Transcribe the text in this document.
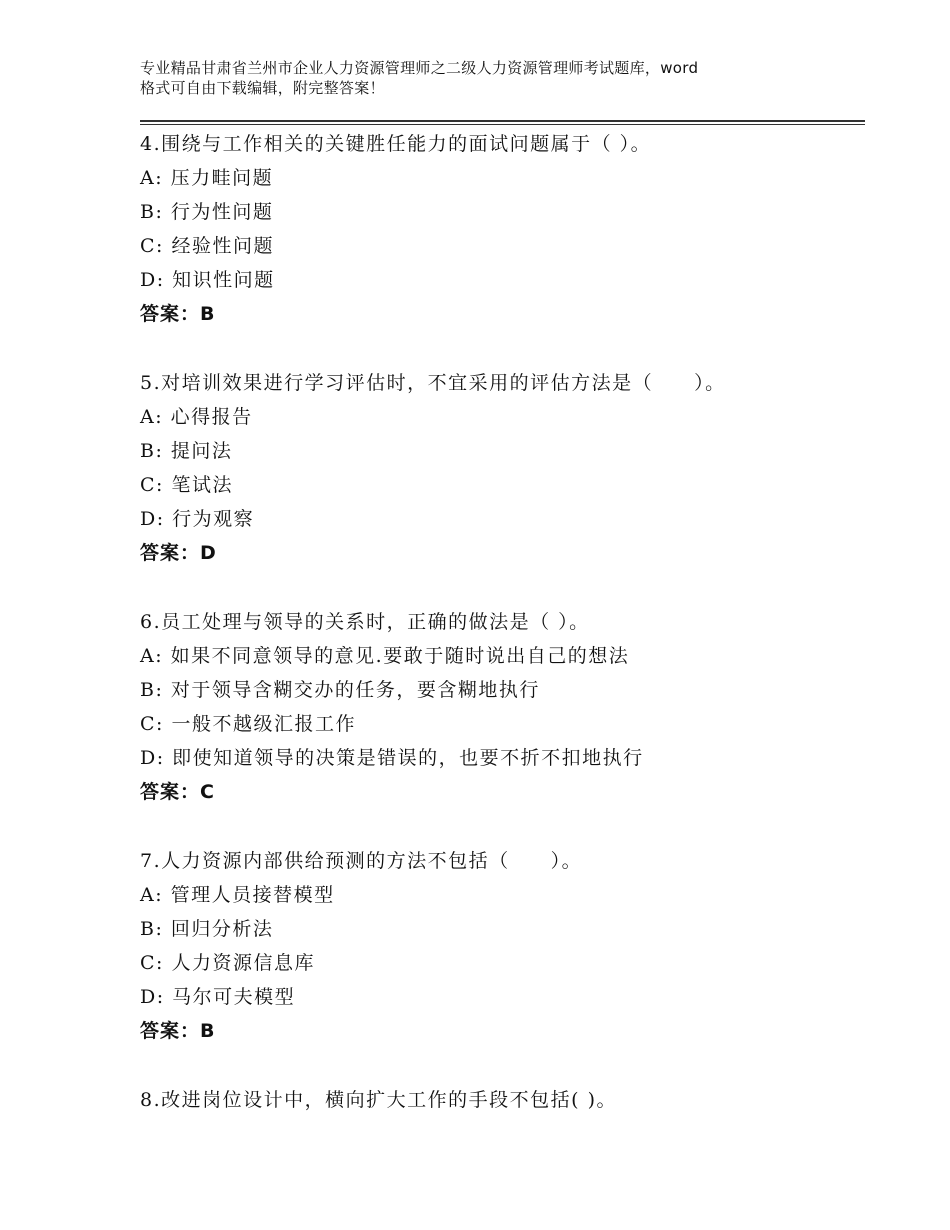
专业精品甘肃省兰州市企业人力资源管理师之二级人力资源管理师考试题库，word
格式可自由下载编辑，附完整答案！
4.围绕与工作相关的关键胜任能力的面试问题属于（ ）。
A: 压力畦问题
B: 行为性问题
C: 经验性问题
D: 知识性问题
答案：B
5.对培训效果进行学习评估时，不宜采用的评估方法是（　　）。
A: 心得报告
B: 提问法
C: 笔试法
D: 行为观察
答案：D
6.员工处理与领导的关系时，正确的做法是（ ）。
A: 如果不同意领导的意见.要敢于随时说出自己的想法
B: 对于领导含糊交办的任务，要含糊地执行
C: 一般不越级汇报工作
D: 即使知道领导的决策是错误的，也要不折不扣地执行
答案：C
7.人力资源内部供给预测的方法不包括（　　）。
A: 管理人员接替模型
B: 回归分析法
C: 人力资源信息库
D: 马尔可夫模型
答案：B
8.改进岗位设计中，横向扩大工作的手段不包括( )。
